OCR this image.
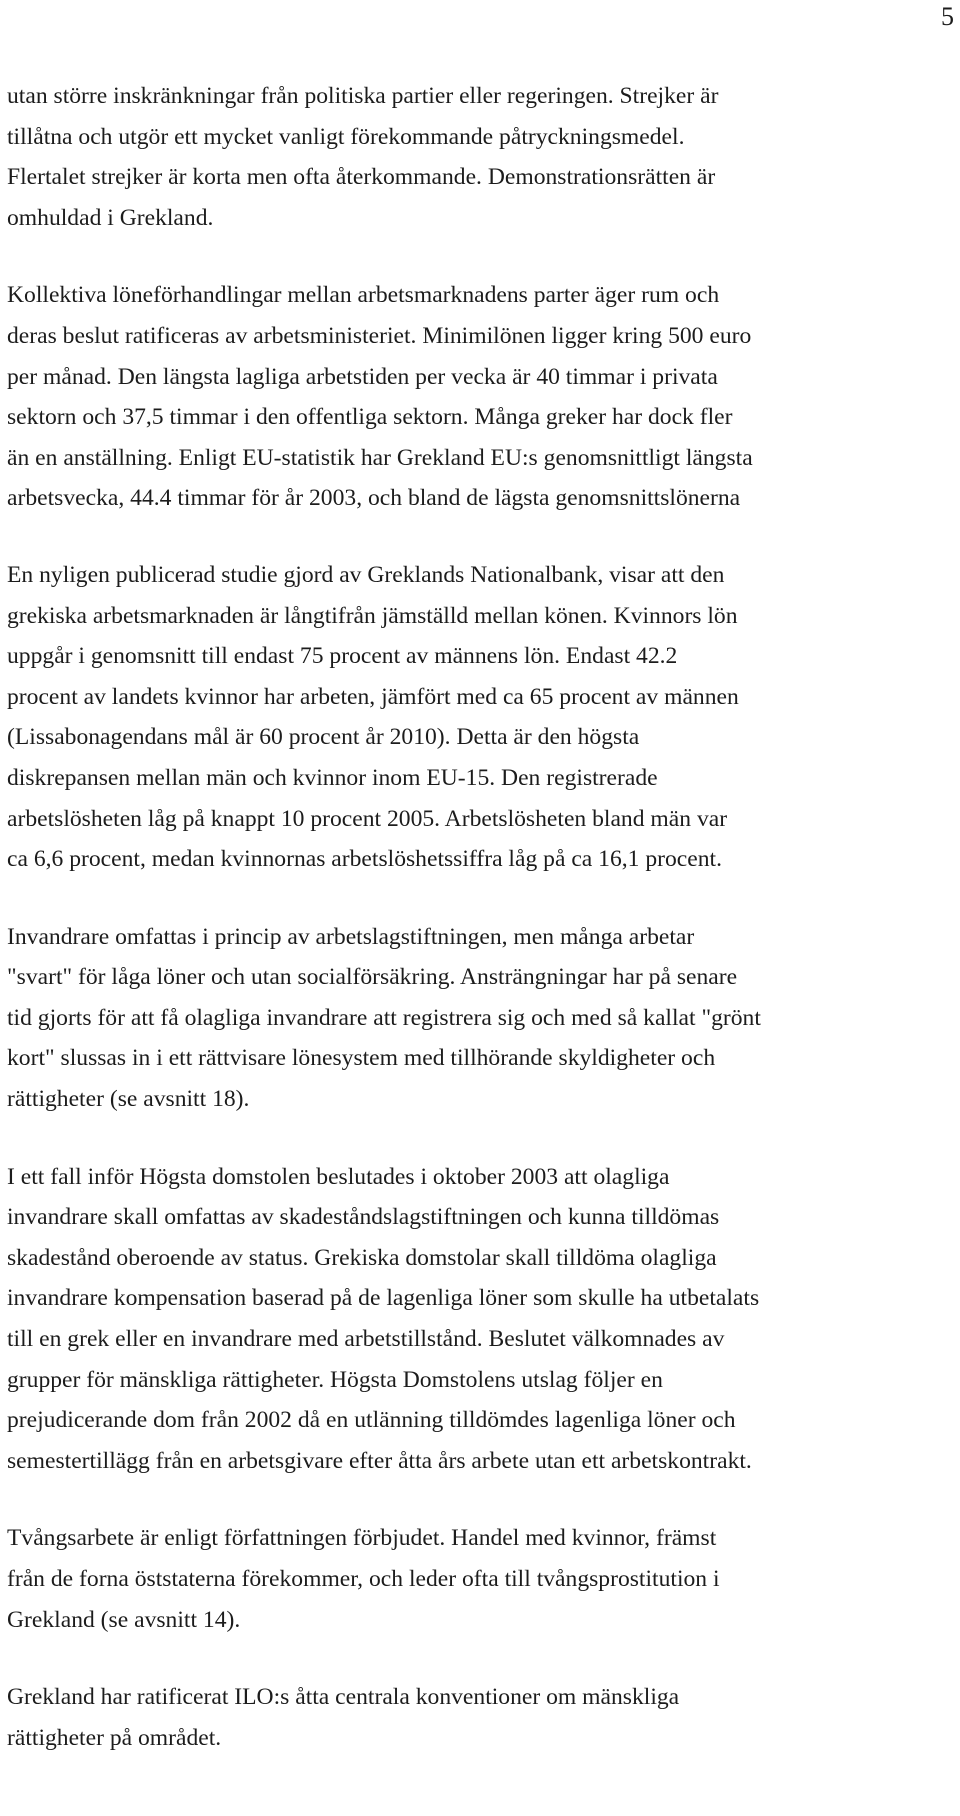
5

utan större inskränkningar från politiska partier eller regeringen. Strejker är
tillåtna och utgör ett mycket vanligt förekommande påtryckningsmedel.
Flertalet strejker är korta men ofta återkommande. Demonstrationsrätten är
omhuldad i Grekland.

Kollektiva löneförhandlingar mellan arbetsmarknadens parter äger rum och
deras beslut ratificeras av arbetsministeriet. Minimilönen ligger kring 500 euro
per månad. Den längsta lagliga arbetstiden per vecka är 40 timmar i privata
sektorn och 37,5 timmar i den offentliga sektorn. Många greker har dock fler
än en anställning. Enligt EU-statistik har Grekland EU:s genomsnittligt längsta
arbetsvecka, 44.4 timmar för år 2003, och bland de lägsta genomsnittslönerna

En nyligen publicerad studie gjord av Greklands Nationalbank, visar att den
grekiska arbetsmarknaden är långtifrån jämställd mellan könen. Kvinnors lön
uppgår i genomsnitt till endast 75 procent av männens lön. Endast 42.2
procent av landets kvinnor har arbeten, jämfört med ca 65 procent av männen
(Lissabonagendans mål är 60 procent år 2010). Detta är den högsta
diskrepansen mellan män och kvinnor inom EU-15. Den registrerade
arbetslösheten låg på knappt 10 procent 2005. Arbetslösheten bland män var
ca 6,6 procent, medan kvinnornas arbetslöshetssiffra låg på ca 16,1 procent.

Invandrare omfattas i princip av arbetslagstiftningen, men många arbetar
"svart" för låga löner och utan socialförsäkring. Ansträngningar har på senare
tid gjorts för att få olagliga invandrare att registrera sig och med så kallat "grönt
kort" slussas in i ett rättvisare lönesystem med tillhörande skyldigheter och
rättigheter (se avsnitt 18).

I ett fall inför Högsta domstolen beslutades i oktober 2003 att olagliga
invandrare skall omfattas av skadeståndslagstiftningen och kunna tilldömas
skadestånd oberoende av status. Grekiska domstolar skall tilldöma olagliga
invandrare kompensation baserad på de lagenliga löner som skulle ha utbetalats
till en grek eller en invandrare med arbetstillstånd. Beslutet välkomnades av
grupper för mänskliga rättigheter. Högsta Domstolens utslag följer en
prejudicerande dom från 2002 då en utlänning tilldömdes lagenliga löner och
semestertillägg från en arbetsgivare efter åtta års arbete utan ett arbetskontrakt.

Tvångsarbete är enligt författningen förbjudet. Handel med kvinnor, främst
från de forna öststaterna förekommer, och leder ofta till tvångsprostitution i
Grekland (se avsnitt 14).

Grekland har ratificerat ILO:s åtta centrala konventioner om mänskliga
rättigheter på området.
